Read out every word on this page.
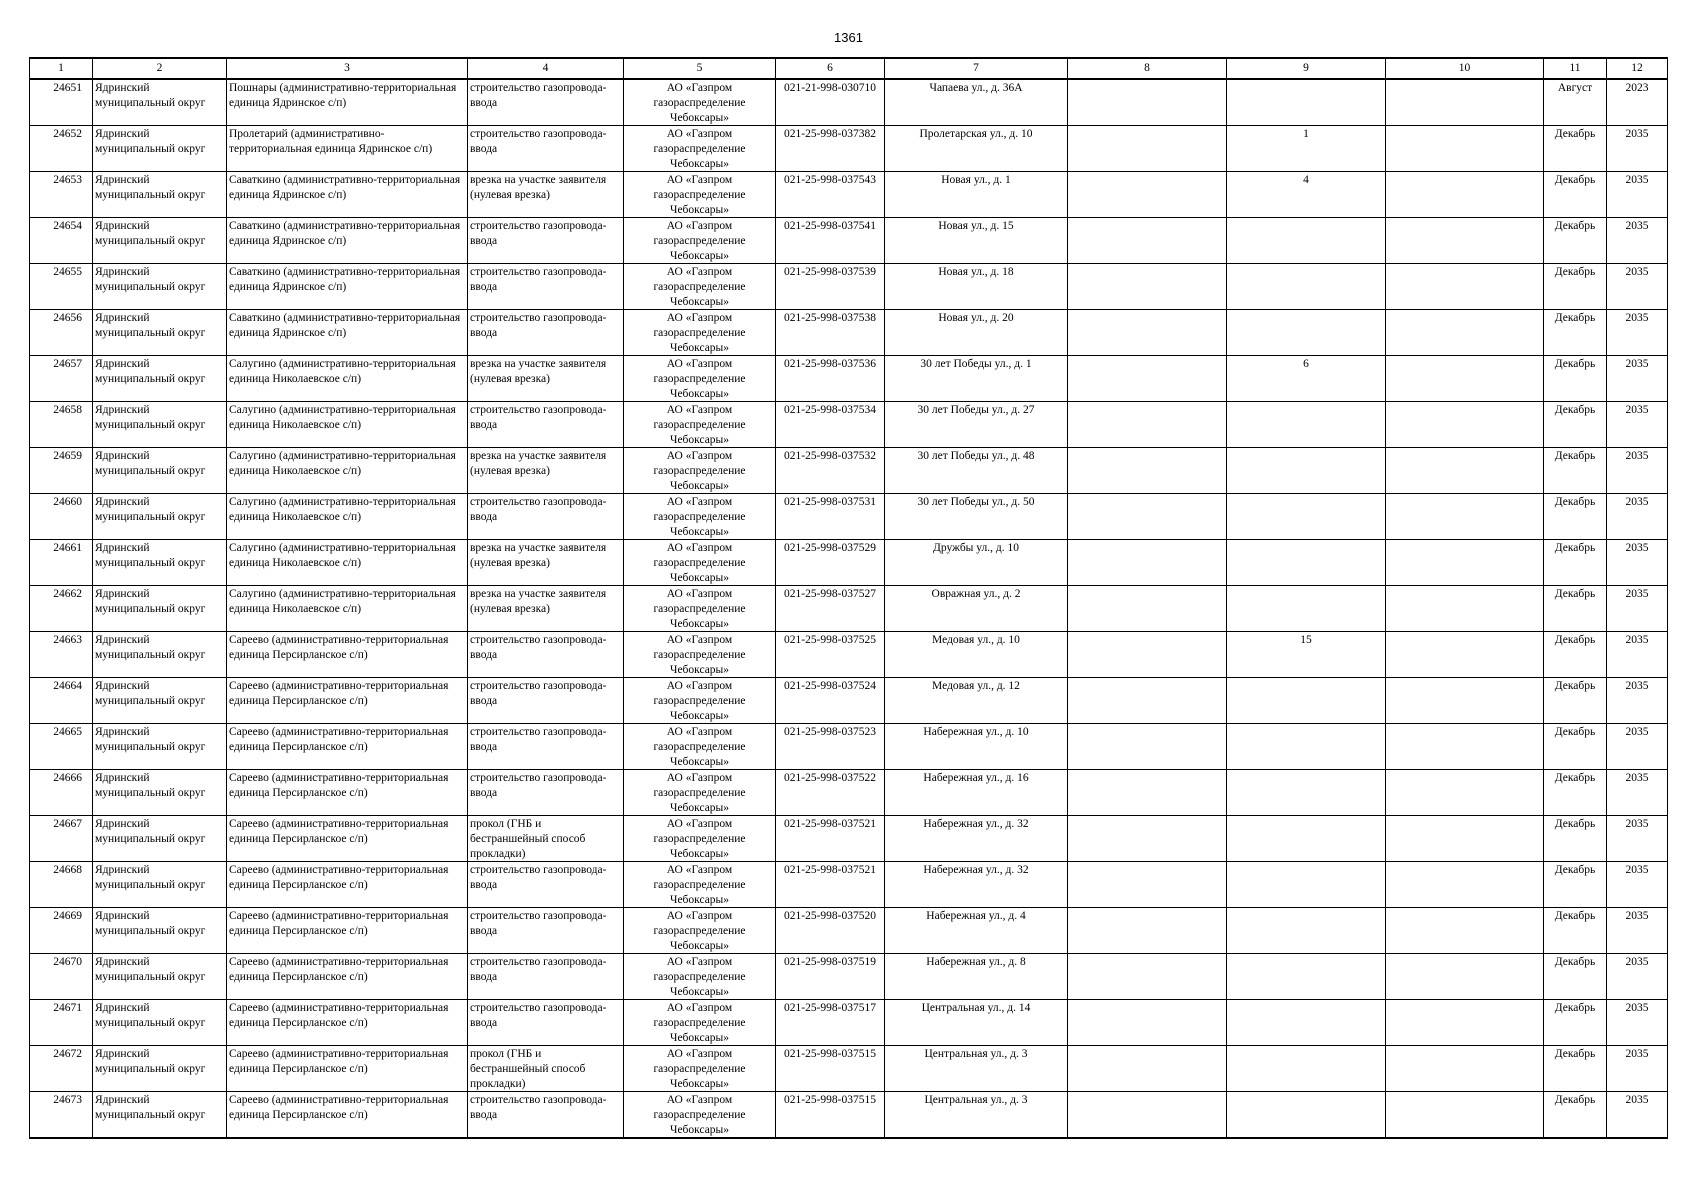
1361
1	2	3	4	5	6	7	8	9	10	11	12

24651	Ядринский муниципальный округ	Пошнары (административно-территориальная единица Ядринское с/п)	строительство газопровода-ввода	АО «Газпром газораспределение Чебоксары»	021-21-998-030710	Чапаева ул., д. 36А				Август	2023

24652	Ядринский муниципальный округ	Пролетарий (административно-территориальная единица Ядринское с/п)	строительство газопровода-ввода	АО «Газпром газораспределение Чебоксары»	021-25-998-037382	Пролетарская ул., д. 10		1		Декабрь	2035

24653	Ядринский муниципальный округ	Саваткино (административно-территориальная единица Ядринское с/п)	врезка на участке заявителя (нулевая врезка)	АО «Газпром газораспределение Чебоксары»	021-25-998-037543	Новая ул., д. 1		4		Декабрь	2035

24654	Ядринский муниципальный округ	Саваткино (административно-территориальная единица Ядринское с/п)	строительство газопровода-ввода	АО «Газпром газораспределение Чебоксары»	021-25-998-037541	Новая ул., д. 15				Декабрь	2035

24655	Ядринский муниципальный округ	Саваткино (административно-территориальная единица Ядринское с/п)	строительство газопровода-ввода	АО «Газпром газораспределение Чебоксары»	021-25-998-037539	Новая ул., д. 18				Декабрь	2035

24656	Ядринский муниципальный округ	Саваткино (административно-территориальная единица Ядринское с/п)	строительство газопровода-ввода	АО «Газпром газораспределение Чебоксары»	021-25-998-037538	Новая ул., д. 20				Декабрь	2035

24657	Ядринский муниципальный округ	Салугино (административно-территориальная единица Николаевское с/п)	врезка на участке заявителя (нулевая врезка)	АО «Газпром газораспределение Чебоксары»	021-25-998-037536	30 лет Победы ул., д. 1		6		Декабрь	2035

24658	Ядринский муниципальный округ	Салугино (административно-территориальная единица Николаевское с/п)	строительство газопровода-ввода	АО «Газпром газораспределение Чебоксары»	021-25-998-037534	30 лет Победы ул., д. 27				Декабрь	2035

24659	Ядринский муниципальный округ	Салугино (административно-территориальная единица Николаевское с/п)	врезка на участке заявителя (нулевая врезка)	АО «Газпром газораспределение Чебоксары»	021-25-998-037532	30 лет Победы ул., д. 48				Декабрь	2035

24660	Ядринский муниципальный округ	Салугино (административно-территориальная единица Николаевское с/п)	строительство газопровода-ввода	АО «Газпром газораспределение Чебоксары»	021-25-998-037531	30 лет Победы ул., д. 50				Декабрь	2035

24661	Ядринский муниципальный округ	Салугино (административно-территориальная единица Николаевское с/п)	врезка на участке заявителя (нулевая врезка)	АО «Газпром газораспределение Чебоксары»	021-25-998-037529	Дружбы ул., д. 10				Декабрь	2035

24662	Ядринский муниципальный округ	Салугино (административно-территориальная единица Николаевское с/п)	врезка на участке заявителя (нулевая врезка)	АО «Газпром газораспределение Чебоксары»	021-25-998-037527	Овражная ул., д. 2				Декабрь	2035

24663	Ядринский муниципальный округ	Сареево (административно-территориальная единица Персирланское с/п)	строительство газопровода-ввода	АО «Газпром газораспределение Чебоксары»	021-25-998-037525	Медовая ул., д. 10		15		Декабрь	2035

24664	Ядринский муниципальный округ	Сареево (административно-территориальная единица Персирланское с/п)	строительство газопровода-ввода	АО «Газпром газораспределение Чебоксары»	021-25-998-037524	Медовая ул., д. 12				Декабрь	2035

24665	Ядринский муниципальный округ	Сареево (административно-территориальная единица Персирланское с/п)	строительство газопровода-ввода	АО «Газпром газораспределение Чебоксары»	021-25-998-037523	Набережная ул., д. 10				Декабрь	2035

24666	Ядринский муниципальный округ	Сареево (административно-территориальная единица Персирланское с/п)	строительство газопровода-ввода	АО «Газпром газораспределение Чебоксары»	021-25-998-037522	Набережная ул., д. 16				Декабрь	2035

24667	Ядринский муниципальный округ	Сареево (административно-территориальная единица Персирланское с/п)	прокол (ГНБ и бестраншейный способ прокладки)	АО «Газпром газораспределение Чебоксары»	021-25-998-037521	Набережная ул., д. 32				Декабрь	2035

24668	Ядринский муниципальный округ	Сареево (административно-территориальная единица Персирланское с/п)	строительство газопровода-ввода	АО «Газпром газораспределение Чебоксары»	021-25-998-037521	Набережная ул., д. 32				Декабрь	2035

24669	Ядринский муниципальный округ	Сареево (административно-территориальная единица Персирланское с/п)	строительство газопровода-ввода	АО «Газпром газораспределение Чебоксары»	021-25-998-037520	Набережная ул., д. 4				Декабрь	2035

24670	Ядринский муниципальный округ	Сареево (административно-территориальная единица Персирланское с/п)	строительство газопровода-ввода	АО «Газпром газораспределение Чебоксары»	021-25-998-037519	Набережная ул., д. 8				Декабрь	2035

24671	Ядринский муниципальный округ	Сареево (административно-территориальная единица Персирланское с/п)	строительство газопровода-ввода	АО «Газпром газораспределение Чебоксары»	021-25-998-037517	Центральная ул., д. 14				Декабрь	2035

24672	Ядринский муниципальный округ	Сареево (административно-территориальная единица Персирланское с/п)	прокол (ГНБ и бестраншейный способ прокладки)	АО «Газпром газораспределение Чебоксары»	021-25-998-037515	Центральная ул., д. 3				Декабрь	2035

24673	Ядринский муниципальный округ	Сареево (административно-территориальная единица Персирланское с/п)	строительство газопровода-ввода	АО «Газпром газораспределение Чебоксары»	021-25-998-037515	Центральная ул., д. 3				Декабрь	2035
